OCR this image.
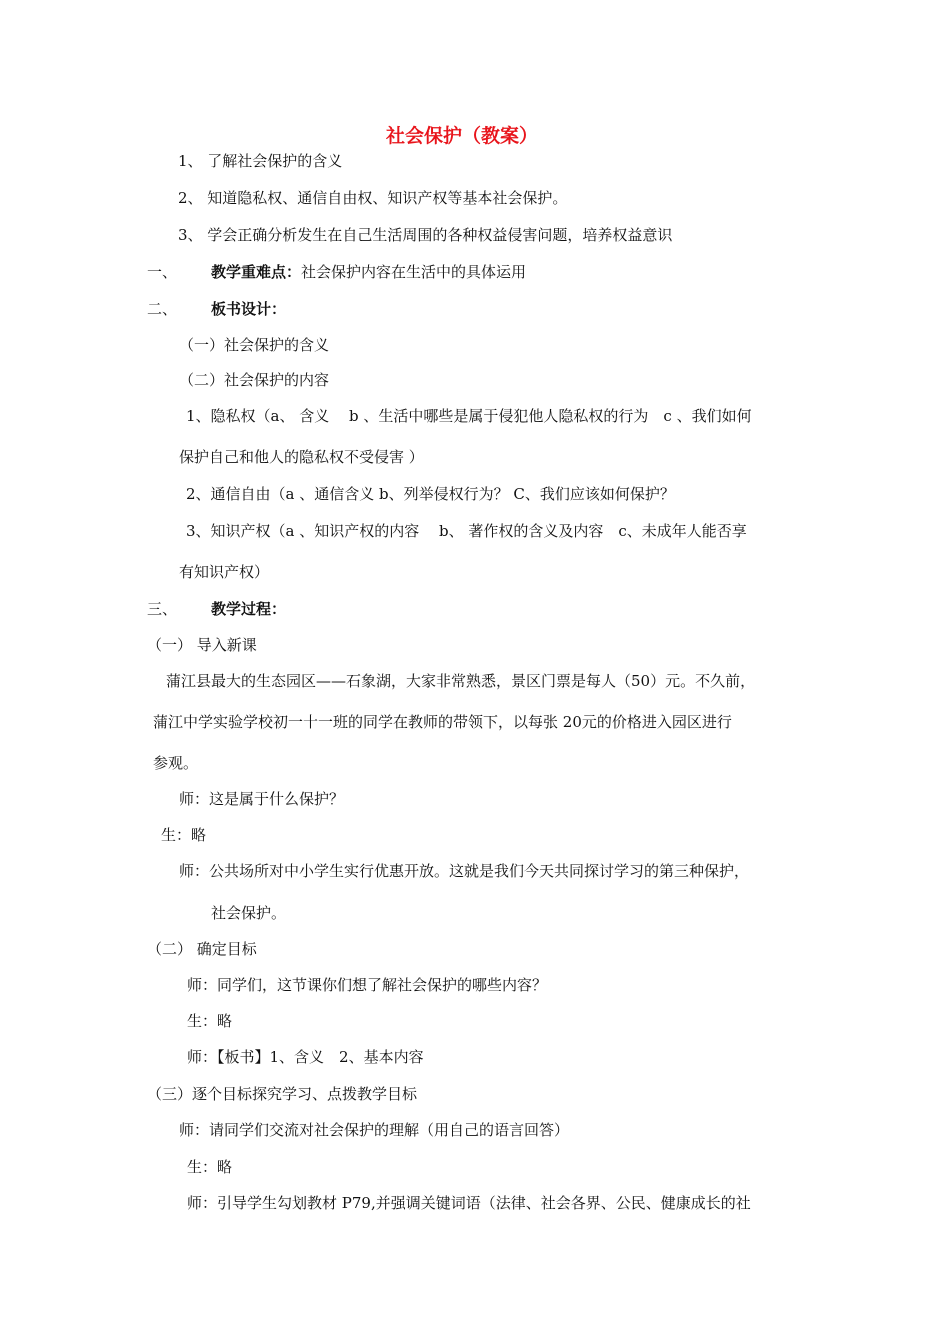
社会保护（教案）
1、 了解社会保护的含义
2、 知道隐私权、通信自由权、知识产权等基本社会保护。
3、 学会正确分析发生在自己生活周围的各种权益侵害问题，培养权益意识
一、 教学重难点：社会保护内容在生活中的具体运用
二、 板书设计：
（一）社会保护的含义
（二）社会保护的内容
1、隐私权（a、 含义　 b 、生活中哪些是属于侵犯他人隐私权的行为　c 、我们如何
保护自己和他人的隐私权不受侵害 ）
2、通信自由（a 、通信含义 b、列举侵权行为？ C、我们应该如何保护？
3、知识产权（a 、知识产权的内容　 b、 著作权的含义及内容　c、未成年人能否享
有知识产权）
三、 教学过程：
（一） 导入新课
蒲江县最大的生态园区——石象湖，大家非常熟悉，景区门票是每人（50）元。不久前，
蒲江中学实验学校初一十一班的同学在教师的带领下，以每张 20元的价格进入园区进行
参观。
师：这是属于什么保护？
生：略
师：公共场所对中小学生实行优惠开放。这就是我们今天共同探讨学习的第三种保护，
社会保护。
（二） 确定目标
师：同学们，这节课你们想了解社会保护的哪些内容？
生：略
师：【板书】1、含义　2、基本内容
（三）逐个目标探究学习、点拨教学目标
师：请同学们交流对社会保护的理解（用自己的语言回答）
生：略
师：引导学生勾划教材 P79,并强调关键词语（法律、社会各界、公民、健康成长的社
